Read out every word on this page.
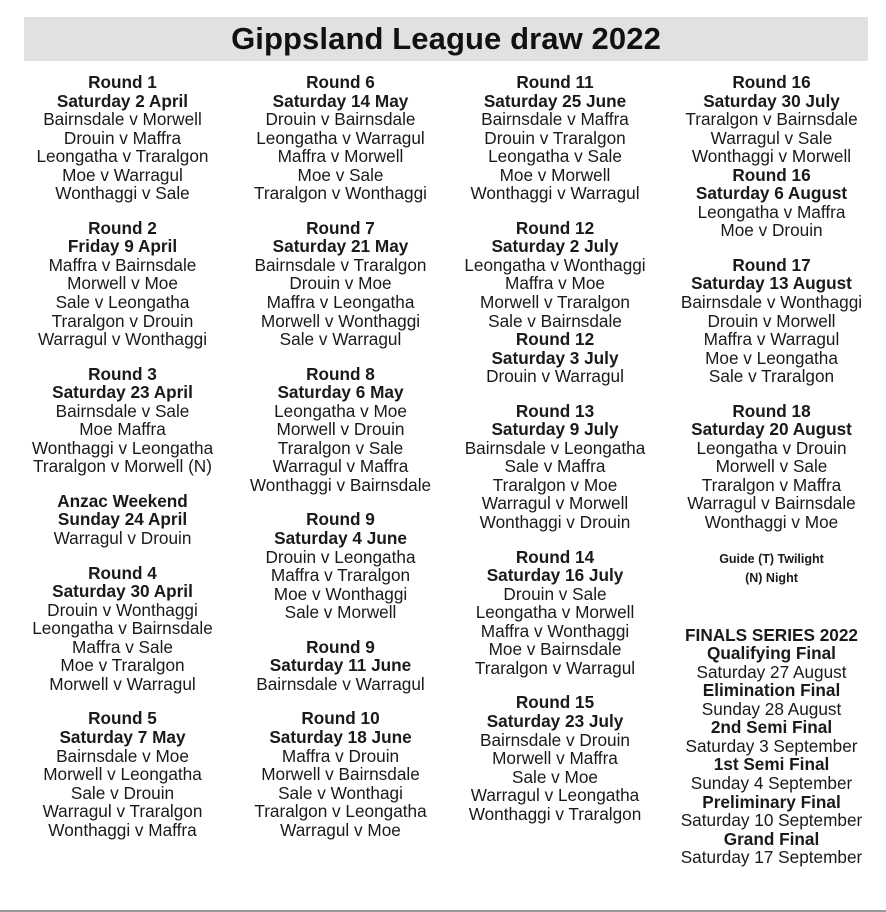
Gippsland League draw 2022
Round 1
Saturday 2 April
Bairnsdale v Morwell
Drouin v Maffra
Leongatha v Traralgon
Moe v Warragul
Wonthaggi v Sale
Round 2
Friday 9 April
Maffra v Bairnsdale
Morwell v Moe
Sale v Leongatha
Traralgon v Drouin
Warragul v Wonthaggi
Round 3
Saturday 23 April
Bairnsdale v Sale
Moe Maffra
Wonthaggi v Leongatha
Traralgon v Morwell (N)
Anzac Weekend
Sunday 24 April
Warragul v Drouin
Round 4
Saturday 30 April
Drouin v Wonthaggi
Leongatha v Bairnsdale
Maffra v Sale
Moe v Traralgon
Morwell v Warragul
Round 5
Saturday 7 May
Bairnsdale v Moe
Morwell v Leongatha
Sale v Drouin
Warragul v Traralgon
Wonthaggi v Maffra
Round 6
Saturday 14 May
Drouin v Bairnsdale
Leongatha v Warragul
Maffra v Morwell
Moe v Sale
Traralgon v Wonthaggi
Round 7
Saturday 21 May
Bairnsdale v Traralgon
Drouin v Moe
Maffra v Leongatha
Morwell v Wonthaggi
Sale v Warragul
Round 8
Saturday 6 May
Leongatha v Moe
Morwell v Drouin
Traralgon v Sale
Warragul v Maffra
Wonthaggi v Bairnsdale
Round 9
Saturday 4 June
Drouin v Leongatha
Maffra v Traralgon
Moe v Wonthaggi
Sale v Morwell
Round 9
Saturday 11 June
Bairnsdale v Warragul
Round 10
Saturday 18 June
Maffra v Drouin
Morwell v Bairnsdale
Sale v Wonthagi
Traralgon v Leongatha
Warragul v Moe
Round 11
Saturday 25 June
Bairnsdale v Maffra
Drouin v Traralgon
Leongatha v Sale
Moe v Morwell
Wonthaggi v Warragul
Round 12
Saturday 2 July
Leongatha v Wonthaggi
Maffra v Moe
Morwell v Traralgon
Sale v Bairnsdale
Round 12
Saturday 3 July
Drouin v Warragul
Round 13
Saturday 9 July
Bairnsdale v Leongatha
Sale v Maffra
Traralgon v Moe
Warragul v Morwell
Wonthaggi v Drouin
Round 14
Saturday 16 July
Drouin v Sale
Leongatha v Morwell
Maffra v Wonthaggi
Moe v Bairnsdale
Traralgon v Warragul
Round 15
Saturday 23 July
Bairnsdale v Drouin
Morwell v Maffra
Sale v Moe
Warragul v Leongatha
Wonthaggi v Traralgon
Round 16
Saturday 30 July
Traralgon v Bairnsdale
Warragul v Sale
Wonthaggi v Morwell
Round 16
Saturday 6 August
Leongatha v Maffra
Moe v Drouin
Round 17
Saturday 13 August
Bairnsdale v Wonthaggi
Drouin v Morwell
Maffra v Warragul
Moe v Leongatha
Sale v Traralgon
Round 18
Saturday 20 August
Leongatha v Drouin
Morwell v Sale
Traralgon v Maffra
Warragul v Bairnsdale
Wonthaggi v Moe
Guide (T) Twilight
(N) Night
FINALS SERIES 2022
Qualifying Final
Saturday 27 August
Elimination Final
Sunday 28 August
2nd Semi Final
Saturday 3 September
1st Semi Final
Sunday 4 September
Preliminary Final
Saturday 10 September
Grand Final
Saturday 17 September
